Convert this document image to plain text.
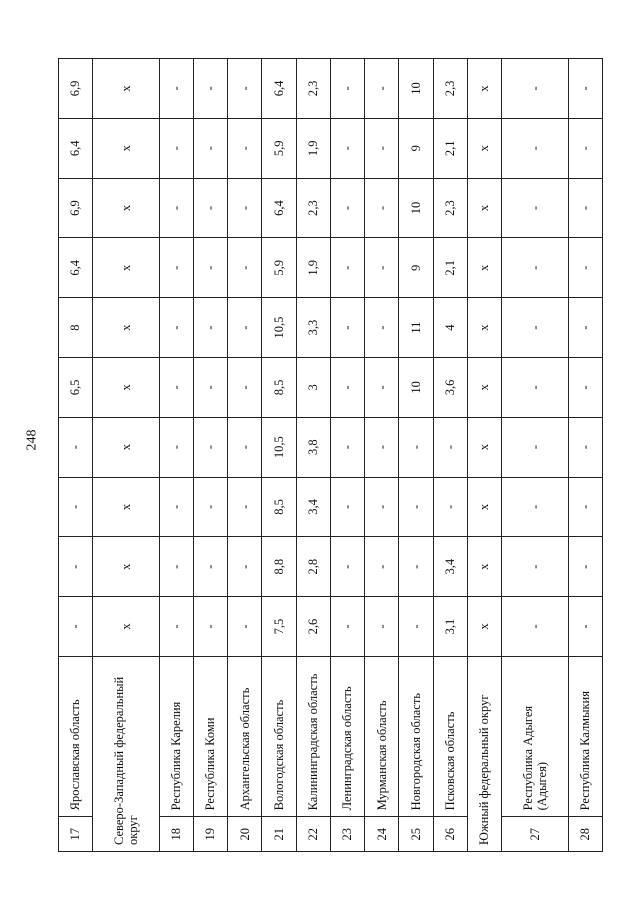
248
17	Ярославская область	-	-	-	-	6,5	8	6,4	6,9	6,4	6,9
Северо-Западный федеральный округ		x	x	x	x	x	x	x	x	x	x
18	Республика Карелия	-	-	-	-	-	-	-	-	-	-
19	Республика Коми	-	-	-	-	-	-	-	-	-	-
20	Архангельская область	-	-	-	-	-	-	-	-	-	-
21	Вологодская область	7,5	8,8	8,5	10,5	8,5	10,5	5,9	6,4	5,9	6,4
22	Калининградская область	2,6	2,8	3,4	3,8	3	3,3	1,9	2,3	1,9	2,3
23	Ленинградская область	-	-	-	-	-	-	-	-	-	-
24	Мурманская область	-	-	-	-	-	-	-	-	-	-
25	Новгородская область	-	-	-	-	10	11	9	10	9	10
26	Псковская область	3,1	3,4	-	-	3,6	4	2,1	2,3	2,1	2,3
Южный федеральный округ		x	x	x	x	x	x	x	x	x	x
27	Республика Адыгея (Адыгея)	-	-	-	-	-	-	-	-	-	-
28	Республика Калмыкия	-	-	-	-	-	-	-	-	-	-
